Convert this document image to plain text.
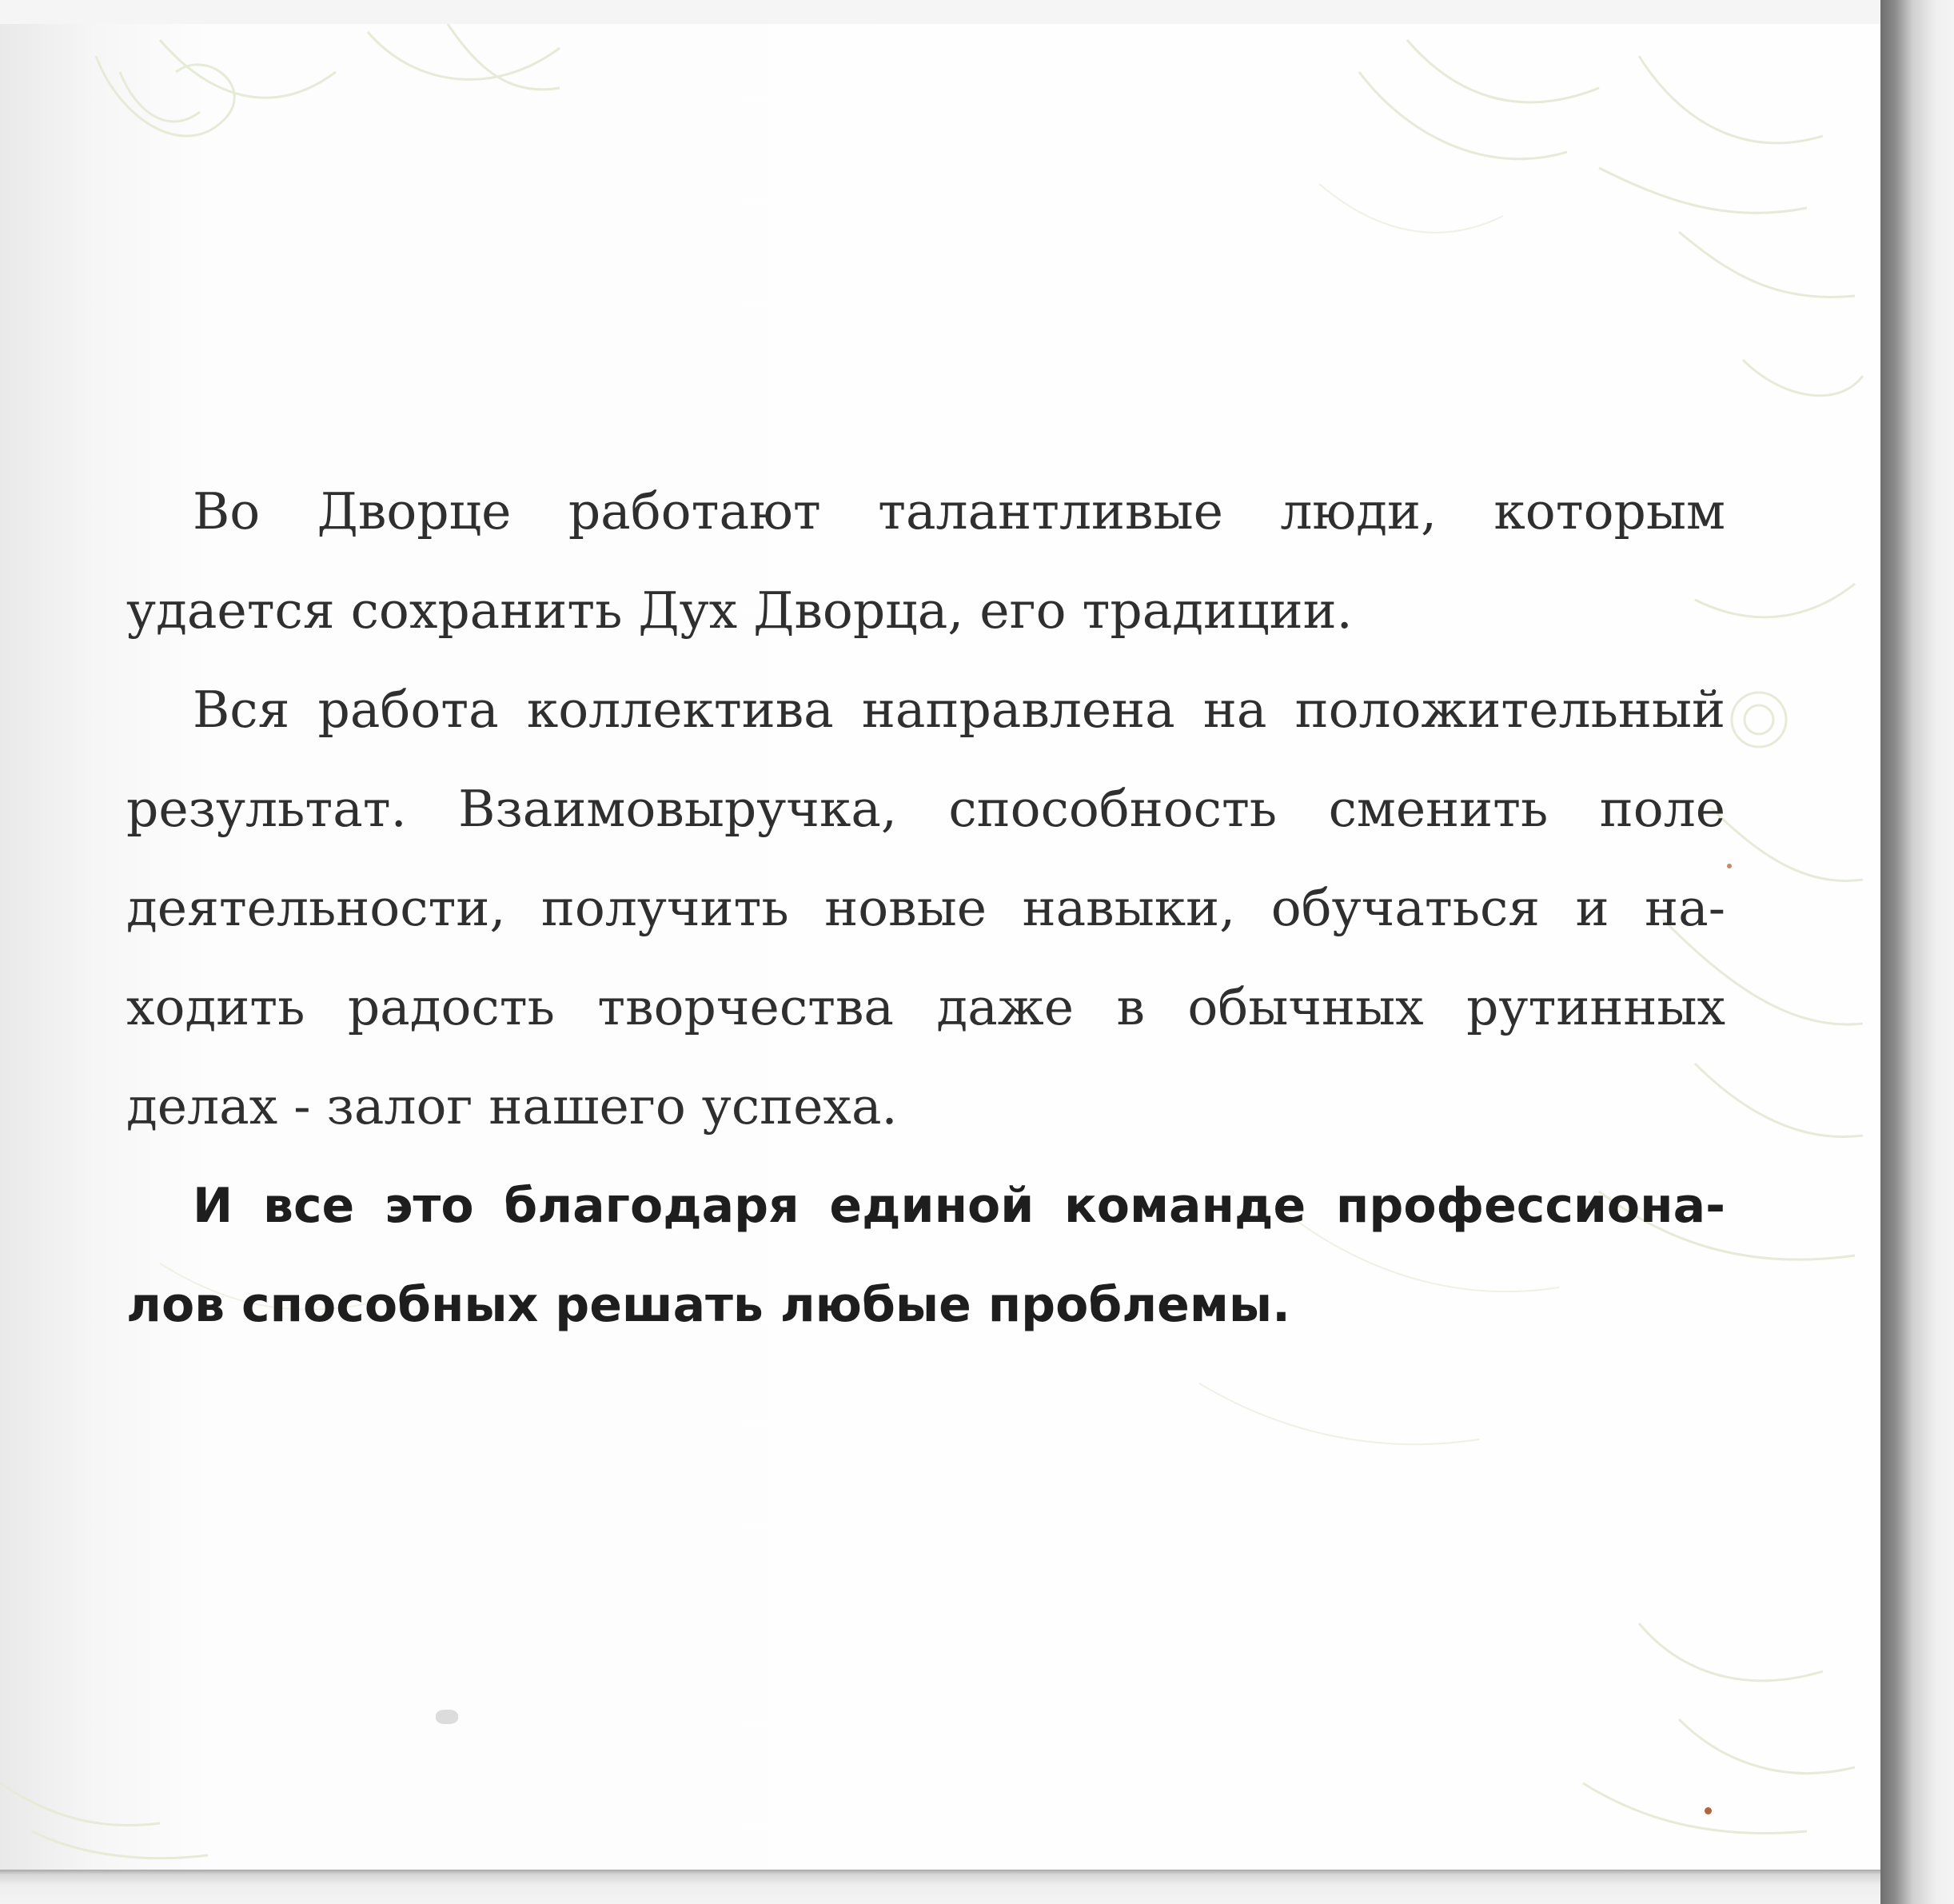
Во Дворце работают талантливые люди, которым удается сохранить Дух Дворца, его традиции.

Вся работа коллектива направлена на положительный результат. Взаимовыручка, способность сменить поле деятельности, получить новые навыки, обучаться и на-ходить радость творчества даже в обычных рутинных делах - залог нашего успеха.

И все это благодаря единой команде профессиона-лов способных решать любые проблемы.
